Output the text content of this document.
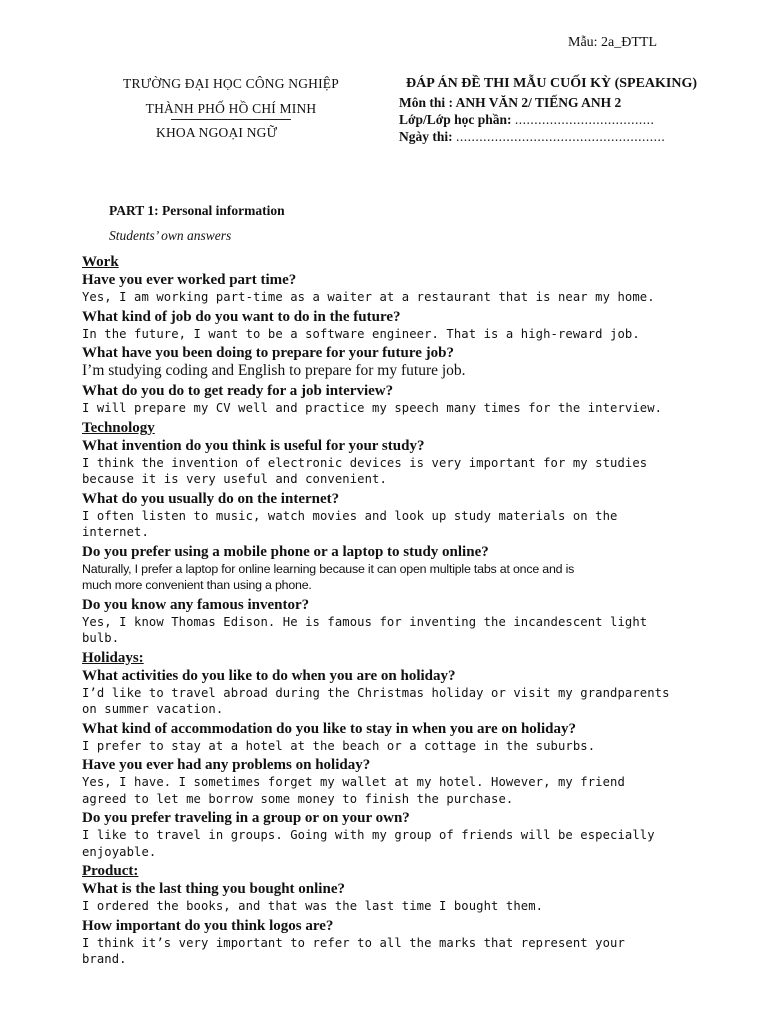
Mẫu: 2a_ĐTTL
TRƯỜNG ĐẠI HỌC CÔNG NGHIỆP
THÀNH PHỐ HỒ CHÍ MINH
KHOA NGOẠI NGỮ
ĐÁP ÁN ĐỀ THI MẪU CUỐI KỲ (SPEAKING)
Môn thi : ANH VĂN 2/ TIẾNG ANH 2
Lớp/Lớp học phần: ....................................
Ngày thi: ......................................................
PART 1: Personal information
Students’ own answers
Work
Have you ever worked part time?
Yes, I am working part-time as a waiter at a restaurant that is near my home.
What kind of job do you want to do in the future?
In the future, I want to be a software engineer. That is a high-reward job.
What have you been doing to prepare for your future job?
I’m studying coding and English to prepare for my future job.
What do you do to get ready for a job interview?
I will prepare my CV well and practice my speech many times for the interview.
Technology
What invention do you think is useful for your study?
I think the invention of electronic devices is very important for my studies
because it is very useful and convenient.
What do you usually do on the internet?
I often listen to music, watch movies and look up study materials on the
internet.
Do you prefer using a mobile phone or a laptop to study online?
Naturally, I prefer a laptop for online learning because it can open multiple tabs at once and is
much more convenient than using a phone.
Do you know any famous inventor?
Yes, I know Thomas Edison. He is famous for inventing the incandescent light
bulb.
Holidays:
What activities do you like to do when you are on holiday?
I’d like to travel abroad during the Christmas holiday or visit my grandparents
on summer vacation.
What kind of accommodation do you like to stay in when you are on holiday?
I prefer to stay at a hotel at the beach or a cottage in the suburbs.
Have you ever had any problems on holiday?
Yes, I have. I sometimes forget my wallet at my hotel. However, my friend
agreed to let me borrow some money to finish the purchase.
Do you prefer traveling in a group or on your own?
I like to travel in groups. Going with my group of friends will be especially
enjoyable.
Product:
What is the last thing you bought online?
I ordered the books, and that was the last time I bought them.
How important do you think logos are?
I think it’s very important to refer to all the marks that represent your
brand.
